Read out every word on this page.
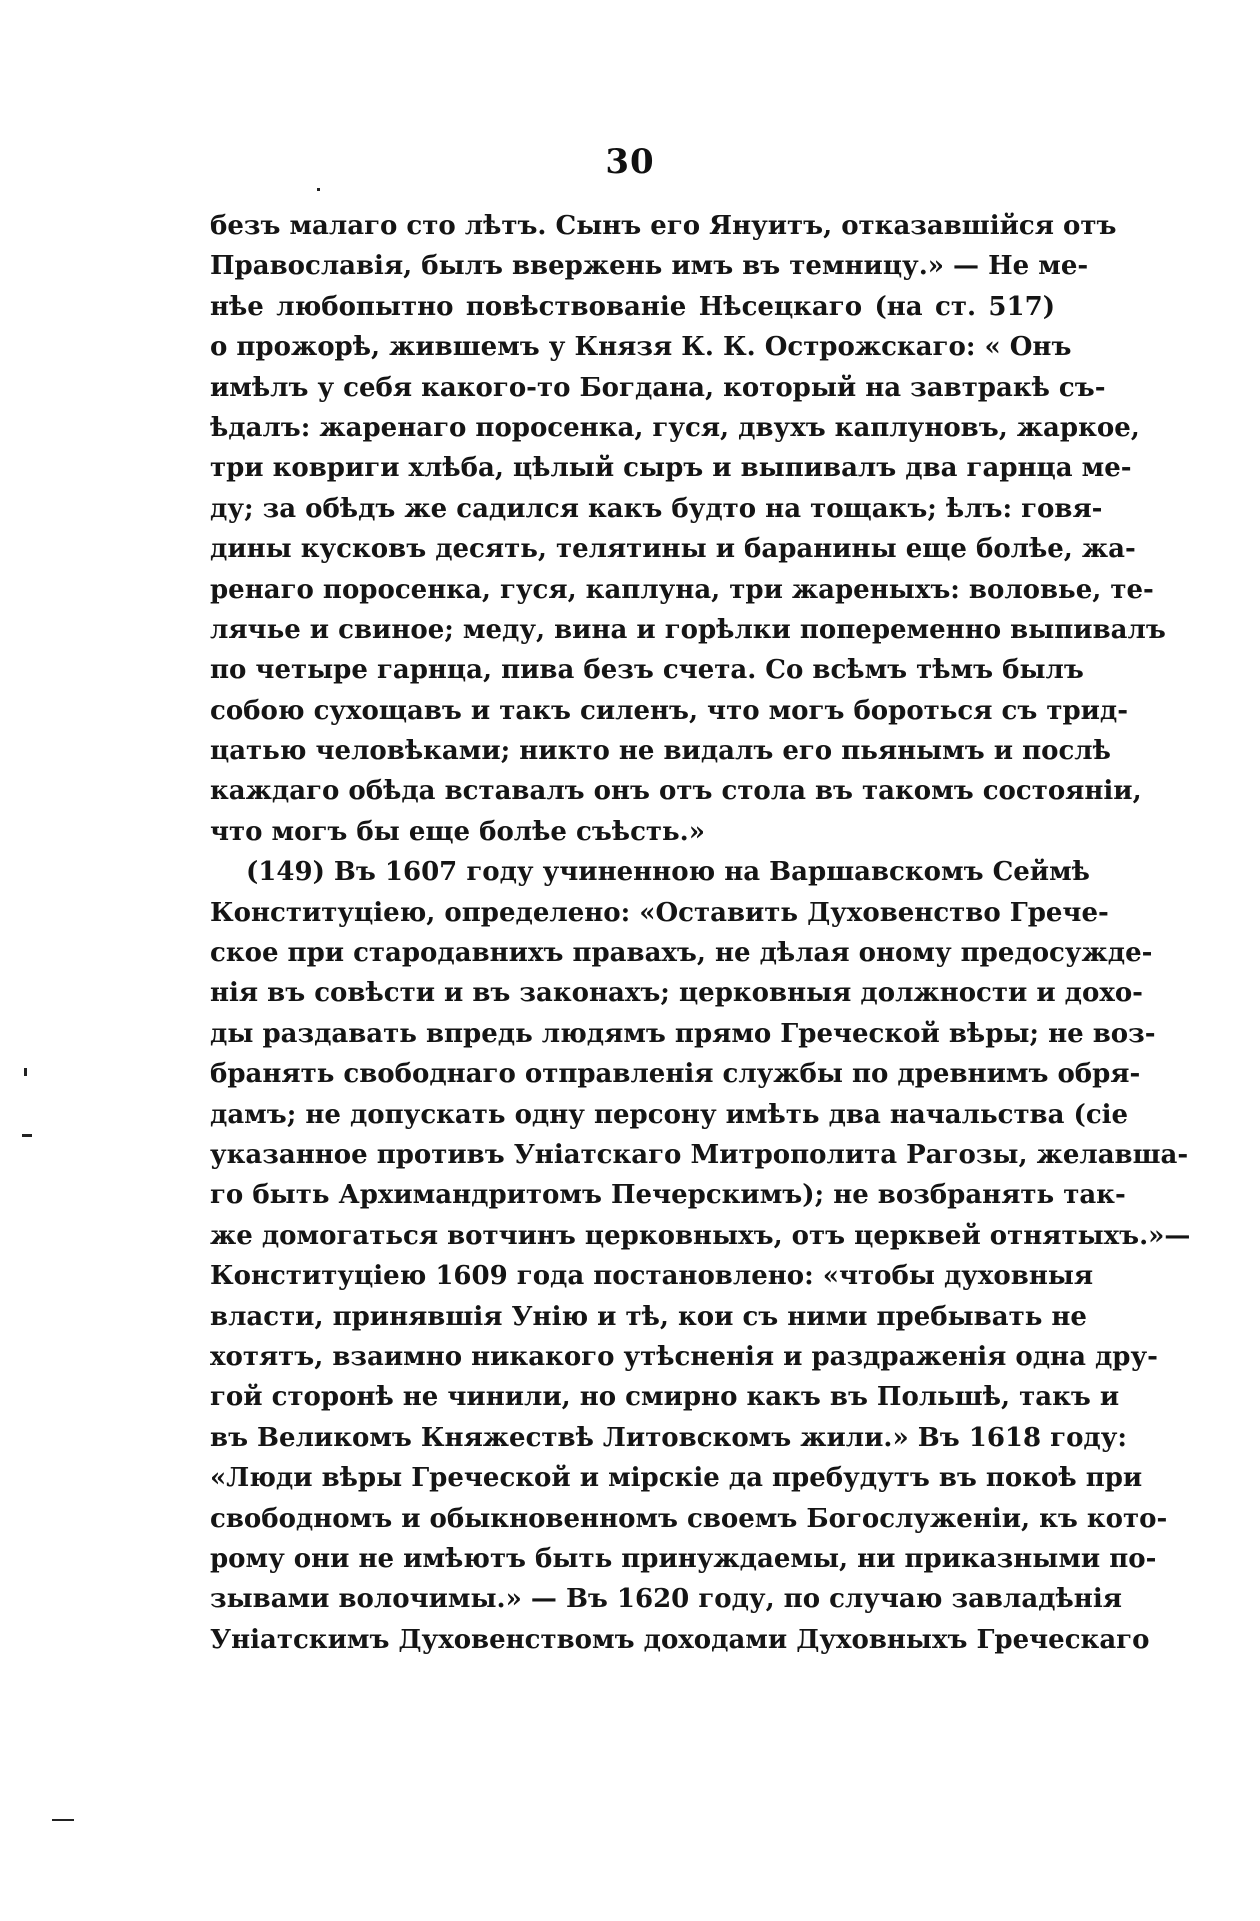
30
безъ малаго сто лѣтъ. Сынъ его Януитъ, отказавшійся отъ
Православія, былъ ввержень имъ въ темницу.» — Не ме-
нѣе любопытно повѣствованіе Нѣсецкаго (на ст. 517)
о прожорѣ, жившемъ у Князя К. К. Острожскаго: « Онъ
имѣлъ у себя какого-то Богдана, который на завтракѣ съ-
ѣдалъ: жаренаго поросенка, гуся, двухъ каплуновъ, жаркое,
три ковриги хлѣба, цѣлый сыръ и выпивалъ два гарнца ме-
ду; за обѣдъ же садился какъ будто на тощакъ; ѣлъ: говя-
дины кусковъ десять, телятины и баранины еще болѣе, жа-
ренаго поросенка, гуся, каплуна, три жареныхъ: воловье, те-
лячье и свиное; меду, вина и горѣлки попеременно выпивалъ
по четыре гарнца, пива безъ счета. Со всѣмъ тѣмъ былъ
собою сухощавъ и такъ силенъ, что могъ бороться съ трид-
цатью человѣками; никто не видалъ его пьянымъ и послѣ
каждаго обѣда вставалъ онъ отъ стола въ такомъ состояніи,
что могъ бы еще болѣе съѣсть.»
(149) Въ 1607 году учиненною на Варшавскомъ Сеймѣ
Конституціею, определено: «Оставить Духовенство Грече-
ское при стародавнихъ правахъ, не дѣлая оному предосужде-
нія въ совѣсти и въ законахъ; церковныя должности и дохо-
ды раздавать впредь людямъ прямо Греческой вѣры; не воз-
бранять свободнаго отправленія службы по древнимъ обря-
дамъ; не допускать одну персону имѣть два начальства (сіе
указанное противъ Уніатскаго Митрополита Рагозы, желавша-
го быть Архимандритомъ Печерскимъ); не возбранять так-
же домогаться вотчинъ церковныхъ, отъ церквей отнятыхъ.»—
Конституціею 1609 года постановлено: «чтобы духовныя
власти, принявшія Унію и тѣ, кои съ ними пребывать не
хотятъ, взаимно никакого утѣсненія и раздраженія одна дру-
гой сторонѣ не чинили, но смирно какъ въ Польшѣ, такъ и
въ Великомъ Княжествѣ Литовскомъ жили.» Въ 1618 году:
«Люди вѣры Греческой и мірскіе да пребудутъ въ покоѣ при
свободномъ и обыкновенномъ своемъ Богослуженіи, къ кото-
рому они не имѣютъ быть принуждаемы, ни приказными по-
зывами волочимы.» — Въ 1620 году, по случаю завладѣнія
Уніатскимъ Духовенствомъ доходами Духовныхъ Греческаго
